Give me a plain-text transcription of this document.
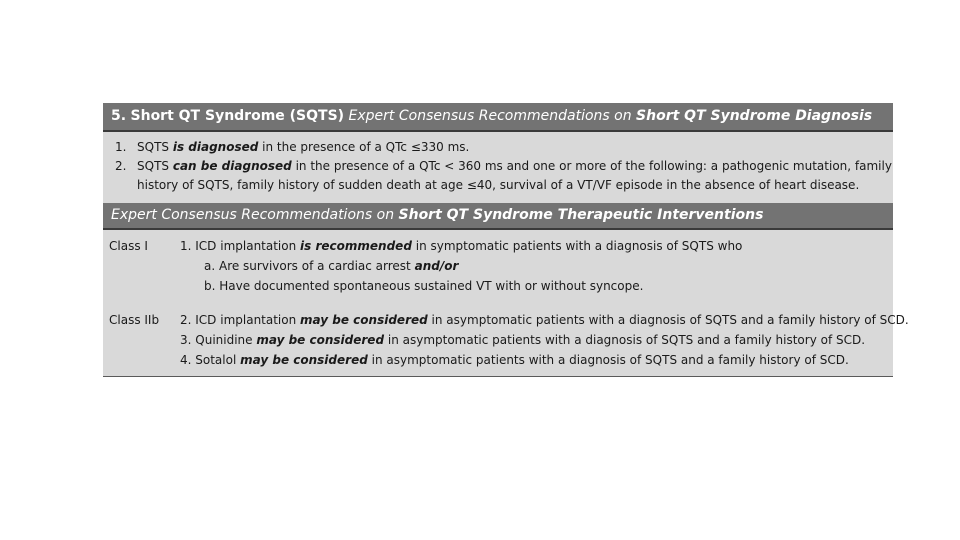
5. Short QT Syndrome (SQTS) Expert Consensus Recommendations on Short QT Syndrome Diagnosis
1. SQTS is diagnosed in the presence of a QTc ≤330 ms.
2. SQTS can be diagnosed in the presence of a QTc < 360 ms and one or more of the following: a pathogenic mutation, family
history of SQTS, family history of sudden death at age ≤40, survival of a VT/VF episode in the absence of heart disease.
Expert Consensus Recommendations on Short QT Syndrome Therapeutic Interventions
Class I	1. ICD implantation is recommended in symptomatic patients with a diagnosis of SQTS who
a. Are survivors of a cardiac arrest and/or
b. Have documented spontaneous sustained VT with or without syncope.
Class IIb 2. ICD implantation may be considered in asymptomatic patients with a diagnosis of SQTS and a family history of SCD.
3. Quinidine may be considered in asymptomatic patients with a diagnosis of SQTS and a family history of SCD.
4. Sotalol may be considered in asymptomatic patients with a diagnosis of SQTS and a family history of SCD.
